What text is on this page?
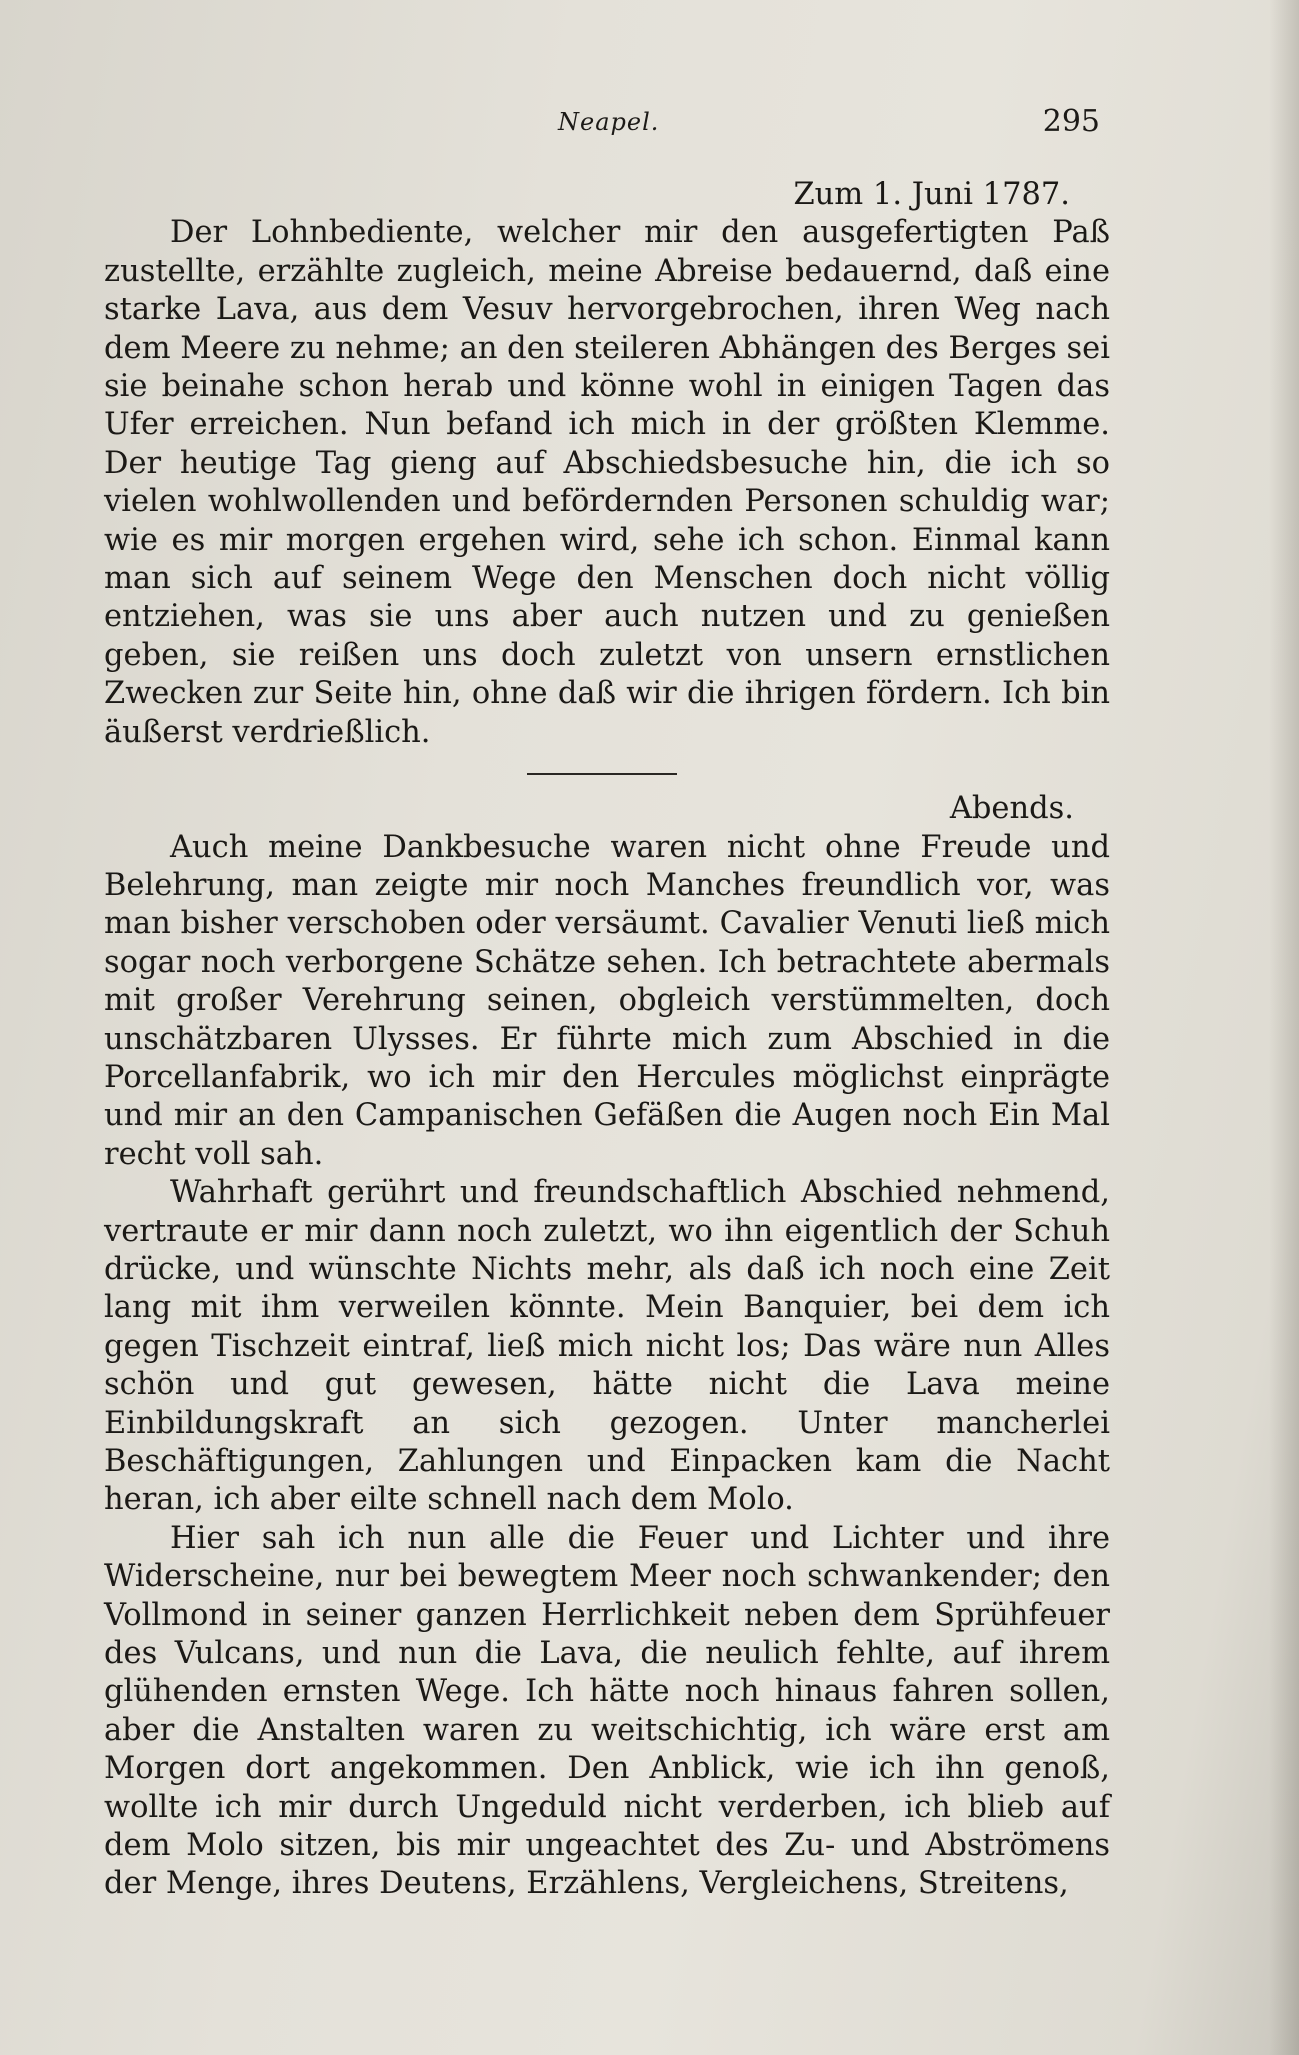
Neapel.	295

Zum 1. Juni 1787.

Der Lohnbediente, welcher mir den ausgefertigten Paß zustellte, erzählte zugleich, meine Abreise bedauernd, daß eine starke Lava, aus dem Vesuv hervorgebrochen, ihren Weg nach dem Meere zu nehme; an den steileren Abhängen des Berges sei sie beinahe schon herab und könne wohl in einigen Tagen das Ufer erreichen. Nun befand ich mich in der größten Klemme. Der heutige Tag gieng auf Abschiedsbesuche hin, die ich so vielen wohlwollenden und befördernden Personen schuldig war; wie es mir morgen ergehen wird, sehe ich schon. Einmal kann man sich auf seinem Wege den Menschen doch nicht völlig entziehen, was sie uns aber auch nutzen und zu genießen geben, sie reißen uns doch zuletzt von unsern ernstlichen Zwecken zur Seite hin, ohne daß wir die ihrigen fördern. Ich bin äußerst verdrießlich.

Abends.

Auch meine Dankbesuche waren nicht ohne Freude und Belehrung, man zeigte mir noch Manches freundlich vor, was man bisher verschoben oder versäumt. Cavalier Venuti ließ mich sogar noch verborgene Schätze sehen. Ich betrachtete abermals mit großer Verehrung seinen, obgleich verstümmelten, doch unschätzbaren Ulysses. Er führte mich zum Abschied in die Porcellanfabrik, wo ich mir den Hercules möglichst einprägte und mir an den Campanischen Gefäßen die Augen noch Ein Mal recht voll sah.

Wahrhaft gerührt und freundschaftlich Abschied nehmend, vertraute er mir dann noch zuletzt, wo ihn eigentlich der Schuh drücke, und wünschte Nichts mehr, als daß ich noch eine Zeit lang mit ihm verweilen könnte. Mein Banquier, bei dem ich gegen Tischzeit eintraf, ließ mich nicht los; Das wäre nun Alles schön und gut gewesen, hätte nicht die Lava meine Einbildungskraft an sich gezogen. Unter mancherlei Beschäftigungen, Zahlungen und Einpacken kam die Nacht heran, ich aber eilte schnell nach dem Molo.

Hier sah ich nun alle die Feuer und Lichter und ihre Widerscheine, nur bei bewegtem Meer noch schwankender; den Vollmond in seiner ganzen Herrlichkeit neben dem Sprühfeuer des Vulcans, und nun die Lava, die neulich fehlte, auf ihrem glühenden ernsten Wege. Ich hätte noch hinaus fahren sollen, aber die Anstalten waren zu weitschichtig, ich wäre erst am Morgen dort angekommen. Den Anblick, wie ich ihn genoß, wollte ich mir durch Ungeduld nicht verderben, ich blieb auf dem Molo sitzen, bis mir ungeachtet des Zu- und Abströmens der Menge, ihres Deutens, Erzählens, Vergleichens, Streitens,
